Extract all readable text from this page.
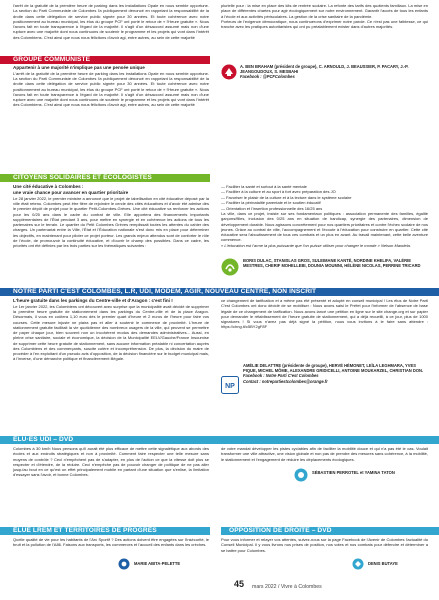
l'arrêt de la gratuité de la première heure de parking dans les installations Opale en nous semble opportune. La section du Parti Communiste de Colombes l'a publiquement dénoncé en rappelant la responsabilité de la droite dans cette délégation de service public signée pour 30 années. Et toute cohérence avec notre positionnement au bureau municipal, les élus du groupe PCF ont porté le retour de « l'Heure gratuite ». Nous l'avons fait en toute transparence à l'égard de la majorité. Il s'agit d'un désaccord assumé mais non d'une rupture avec une majorité dont nous continuons de soutenir le programme et les projets qui vont dans l'intérêt des Colombiens. C'est ainsi que nous nous félicitons d'avoir agi, entre autres, au sein de cette majorité

plurielle pour : la mise en place des kits de rentrée scolaire. La refonte des tarifs des quotients familiaux. La mise en place de différentes chartes pour agir écologiquement sur notre environnement. Garantir l'accès de tous les enfants à l'école et aux activités périscolaires. La gestion de la crise sanitaire de la pandémie.

Porteurs de l'exigence démocratique, nous continuerons d'exprimer notre parole. Ce n'est pas une faiblesse, ce qui tranche avec les pratiques autoritaristes qui ont pu préalablement exister dans d'autres majorités.

A. BEN BRAHAM (président de groupe), C. ARNOULD, J. BEAUSSIER, P. PACARY, J.-P. JEANGOUDOUX, S. MESBAHI
Facebook : @PCFColombes
GROUPE COMMUNISTE

Appartenir à une majorité n'implique pas une pensée unique

L'arrêt de la gratuité de la première heure de parking dans les installations Opale en nous semble opportune. La section du Parti Communiste de Colombes l'a publiquement dénoncé en rappelant la responsabilité de la droite dans cette délégation de service public signée pour 30 années. Et toute cohérence avec notre positionnement au bureau municipal, les élus du groupe PCF ont porté le retour de « l'Heure gratuite ». Nous l'avons fait en toute transparence à l'égard de la majorité. Il s'agit d'un désaccord assumé mais non d'une rupture avec une majorité dont nous continuons de soutenir le programme et les projets qui vont dans l'intérêt des Colombiens. C'est ainsi que nous nous félicitons d'avoir agi, entre autres, au sein de cette majorité

CITOYENS SOLIDAIRES ET ÉCOLOGISTES

Une cité éducative à Colombes :

une vraie chance pour avancer en quartier prioritaire

Le 28 janvier 2022, le premier ministre a annoncé que le projet de labellisation en cité éducative déposé par la ville était retenu. Colombes peut être fière de rejoindre le cercle des cités éducatives et d'avoir été admise dès le premier dépôt de projet pour le quartier Petit-Colombes-Grèves. Une cité éducative va renforcer les actions pour les 0/25 ans dans le cadre du contrat de ville. Elle apportera des financements importants supplémentaires de l'État pendant 3 ans, pour mettre en synergie et en cohérence les actions de tous les partenaires sur le terrain. Le quartier du Petit Colombes Grèves remplissait toutes les attentes du cahier des charges. Un partenariat entre la Ville, l'État et l'Éducation nationale s'est donc mis en place pour déterminer les objectifs, en maintenant pour piloter ce projet porteur. Les grands enjeux attendus sont de conforter le rôle de l'école, de promouvoir la continuité éducative, et d'ouvrir le champ des possibles. Dans ce cadre, les priorités ont été définies par les trois parties sur les thématiques suivantes :

— Faciliter la santé et surtout à la santé mentale

— Faciliter à la culture et au sport à fort avec préparation des JO

— Favoriser le plaisir de la culture et à la lecture dans le système scolaire

— Faciliter la périnatalité parentale et le soutien éducatif

— Orientation et l'insertion professionnelle des 16/25 ans

La ville, dans ce projet, insiste sur ses fondamentaux politiques : association permanente des familles, égalité garçons/filles, inclusion des 0/25 ans en situation de handicap, synergie des partenaires, dimension de développement durable. Nous agissons concrètement pour nos quartiers prioritaires et contre l'échec scolaire de nos jeunes. Grâce au contrat de ville, l'accompagnement et l'écoute à l'éducation pour construire en quartier. Cette cité éducative sera l'aboutissement de tous ces combats et un plus en avant. Au travail maintenant, cette belle aventure commence.

« L'éducation est l'arme la plus puissante que l'on puisse utiliser pour changer le monde » Nelson Mandela.

BORIS DULAC, STANISLAS GROS, SULEIMANE KANTÉ, NORDINE KHELIFA, VALÉRIE MESTRES, CHERIF MOHELLEBI, DOUNIA MOUMNI, HÉLÈNE NICOLAS, PERRINE TRICARD
NOTRE PARTI C'EST COLOMBES, L.R, UDI, MODEM, AGIR, NOUVEAU CENTRE, NON INSCRIT

L'heure gratuite dans les parkings du Centre-ville et d'Aragon : c'est fini !

Le 1er janvier 2022, les Colombiens ont découvert avec surprise que la municipalité avait décidé de supprimer la première heure gratuite de stationnement dans les parkings du Centre-ville et de la place Aragon. Désormais, il vous en coûtera 1,10 euro dès le premier quart d'heure et 2 euros de l'heure pour faire vos courses. Cette mesure injuste ne plaira pas et aller à soutenir le commerce de proximité. L'heure de stationnement gratuite facilitait la vie quotidienne des nombreux usagers de la ville, qui peuvent se permettre de payer chaque jour, bien souvent non un incohérent modus des demandes administratives... Aussi, en pleine crise sanitaire, sociale et économique, la décision de la Municipalité EELV/Gauche/France Insoumise de supprimer cette heure gratuite de stationnement, sans aucune information préalable ni concertation auprès des Colombiens et des commerçants, suscite colère et incompréhension. De plus, la décision du maire de procéder à l'en exploitant d'un pseudo avis d'opposition, de la décision financière sur le budget municipal mais, à l'inverse, d'une démarche politique et financièrement illégale.

ce changement de tarification et a même pas été présenté et adopté en conseil municipal ! Les élus de Notre Parti C'est Colombes ont donc décidé de se mobiliser : Nous avons saisi le Préfet pour l'informer de l'absence de base légale de ce changement de tarification. Nous avons lancé une pétition en ligne sur le site change.org et sur papier pour demander le rétablissement de l'heure gratuite de stationnement, qui a déjà recueilli, à ce jour, plus de 1000 signatures ! Si vous n'avez pas déjà signé la pétition, nous vous invitons à le faire sans attendre : https://chng.it/c5BY2gF8F

NP
AMÉLIE DELATTRE (présidente de groupe), HERVÉ HÉMONET, LEÏLA LEGHMARA, YVES PIQUE, MICHEL MÔME, ALEXANDRE GRIDICELLI, ANTOINE MOUKARZEL, CHRISTIAN DON.
Facebook : Notre Parti C'est Colombes
Contact : notrepartiestcolombes@orange.fr
ÉLU·ES UDI – DVD

Colombes à 30 km/h Nous pensons qu'il aurait été plus efficace de mettre cette signalétique aux abords des écoles et aux endroits stratégiques et non à proximité. Comment faire respecter une telle mesure sans moyens de contrôle ? Ceci n'empêchent pas de s'adapter, en plus de l'action ce que la vitesse doit plus se respecter et d'étendre, de la réduire. Ceci n'empêche pas de pouvoir changer de politique de ne pas aller jusqu'au bout en ce qu'est un effet principalement mobile en partant d'une situation que s'enlise, la limitation d'essayer sans l'avoir, et bonne Colombes.

de votre mandat développer les pistes cyclables afin de faciliter la mobilité douce et qui n'a pas été le cas. Voulait transformer une ville attractive, une vision globale et non pas de prendre des mesures sans cohérence, à la mobilité, le stationnement et l'engagement de réduire les déplacements écologiques.

SÉBASTIEN PERROTEL et YAMINA TATON
ÉLUE LREM ET TERRITOIRES DE PROGRÈS

Quelle qualité de vie pour les habitants de l'Arc Sportif ? Des actions doivent être engagées sur l'insécurité, le bruit et la pollution de l'A86. Faisons aux transports, les commerces et l'accueil des enfants dans les crèches.

MARIE ABITA-PELETTE
OPPOSITION DE DROITE – DVD

Pour vous informer et relayer vos attentes, suivez-nous sur la page Facebook de l'Avenir de Colombes l'actualité du Conseil Municipal. Il y vous livrons nos prises de position, nos votes et nos combats pour défendre et déterminer a se battre pour Colombes.

DENIS BUTAYE
45 mars 2022 / Vivre à Colombes
